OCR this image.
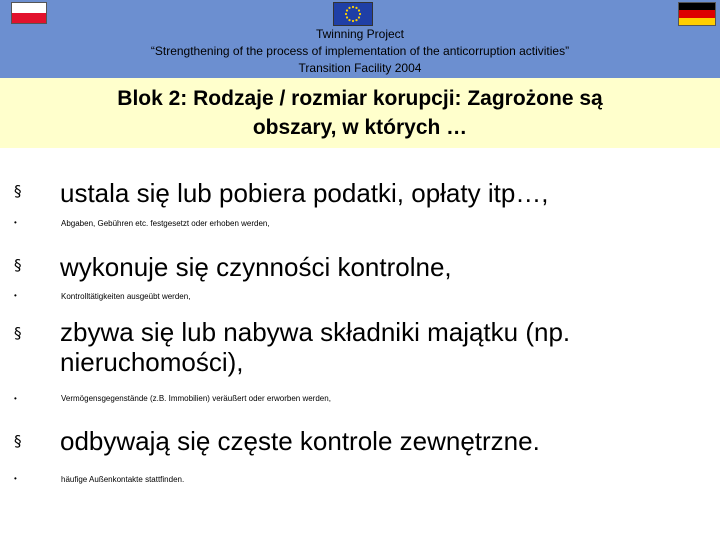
Twinning Project
“Strengthening of the process of implementation of the anticorruption activities”
Transition Facility 2004
Blok 2: Rodzaje / rozmiar korupcji: Zagrożone są
obszary, w których …
§ ustala się lub pobiera podatki, opłaty itp…,
•	Abgaben, Gebühren etc. festgesetzt oder erhoben werden,
§ wykonuje się czynności kontrolne,
•	Kontrolltätigkeiten ausgeübt werden,
§ zbywa się lub nabywa składniki majątku (np. nieruchomości),
•	Vermögensgegenstände (z.B. Immobilien) veräußert oder erworben werden,
§ odbywają się częste kontrole zewnętrzne.
•	häufige Außenkontakte stattfinden.
